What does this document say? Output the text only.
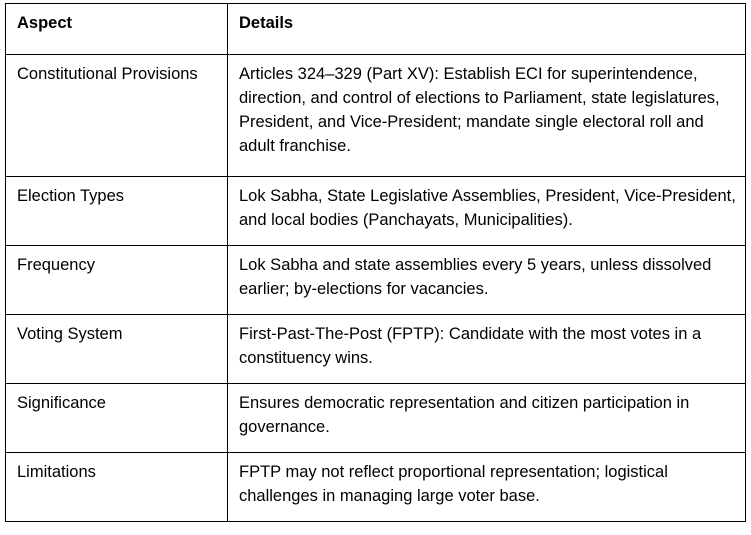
Aspect	Details
Constitutional Provisions	Articles 324–329 (Part XV): Establish ECI for superintendence, direction, and control of elections to Parliament, state legislatures, President, and Vice-President; mandate single electoral roll and adult franchise.
Election Types	Lok Sabha, State Legislative Assemblies, President, Vice-President, and local bodies (Panchayats, Municipalities).
Frequency	Lok Sabha and state assemblies every 5 years, unless dissolved earlier; by-elections for vacancies.
Voting System	First-Past-The-Post (FPTP): Candidate with the most votes in a constituency wins.
Significance	Ensures democratic representation and citizen participation in governance.
Limitations	FPTP may not reflect proportional representation; logistical challenges in managing large voter base.
